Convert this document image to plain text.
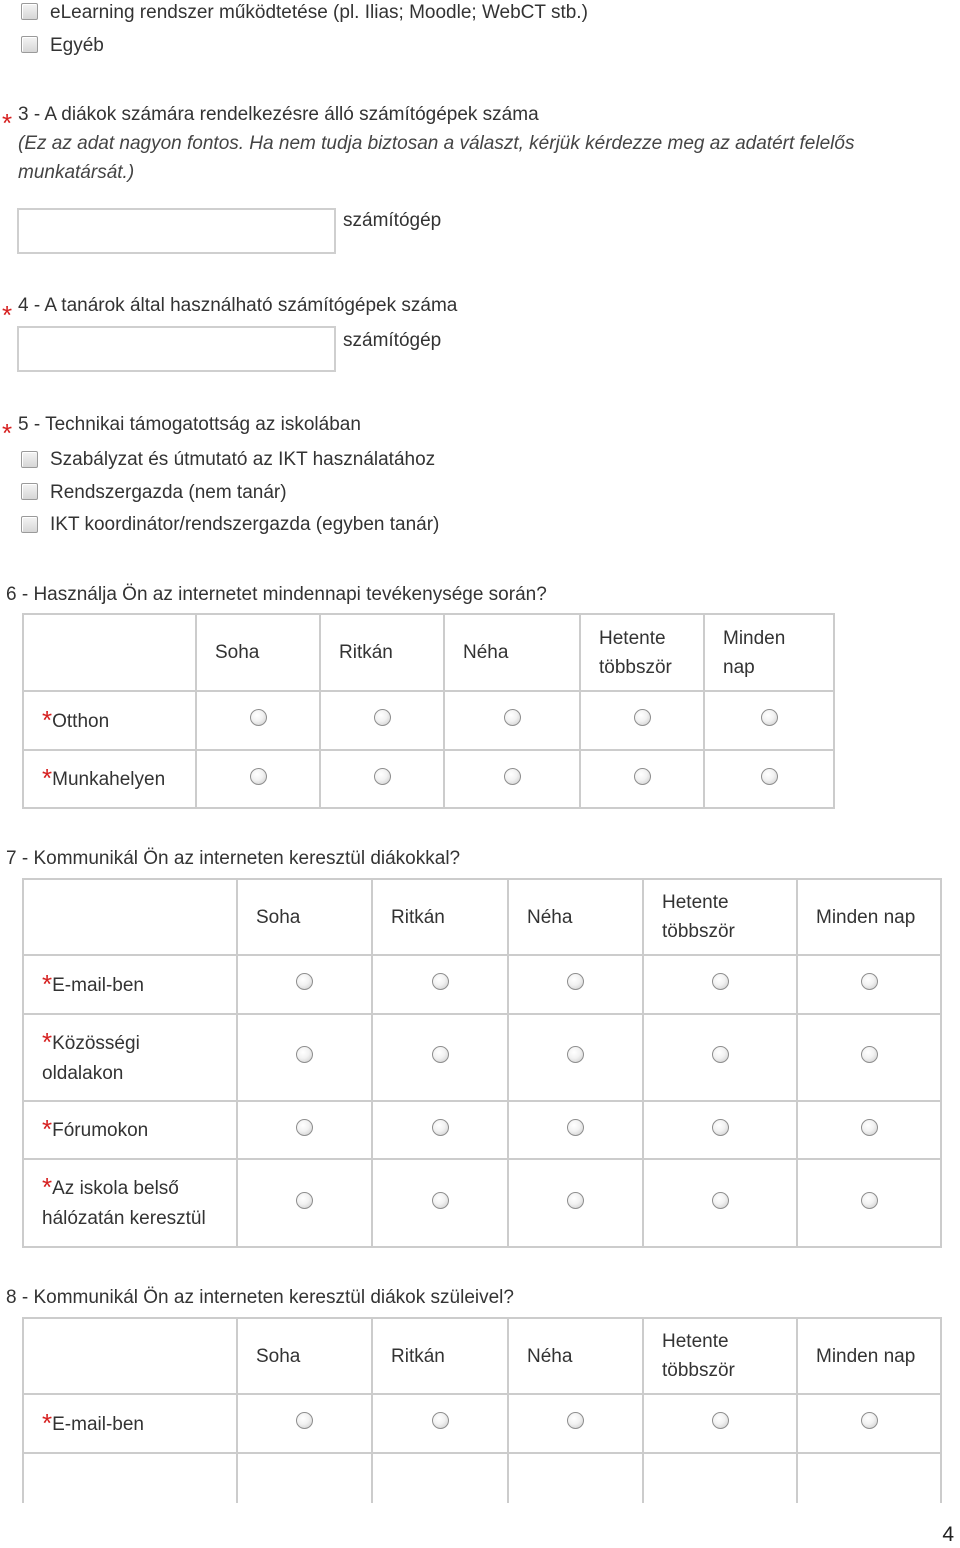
eLearning rendszer működtetése (pl. Ilias; Moodle; WebCT stb.)
Egyéb
* 3 - A diákok számára rendelkezésre álló számítógépek száma
(Ez az adat nagyon fontos. Ha nem tudja biztosan a választ, kérjük kérdezze meg az adatért felelős
munkatársát.)
számítógép
* 4 - A tanárok által használható számítógépek száma
számítógép
* 5 - Technikai támogatottság az iskolában
Szabályzat és útmutató az IKT használatához
Rendszergazda (nem tanár)
IKT koordinátor/rendszergazda (egyben tanár)
6 - Használja Ön az internetet mindennapi tevékenysége során?
	Soha	Ritkán	Néha	Hetente többször	Minden nap
*Otthon					
*Munkahelyen					
7 - Kommunikál Ön az interneten keresztül diákokkal?
	Soha	Ritkán	Néha	Hetente többször	Minden nap
*E-mail-ben					
*Közösségi oldalakon					
*Fórumokon					
*Az iskola belső hálózatán keresztül					
8 - Kommunikál Ön az interneten keresztül diákok szüleivel?
	Soha	Ritkán	Néha	Hetente többször	Minden nap
*E-mail-ben					

4
